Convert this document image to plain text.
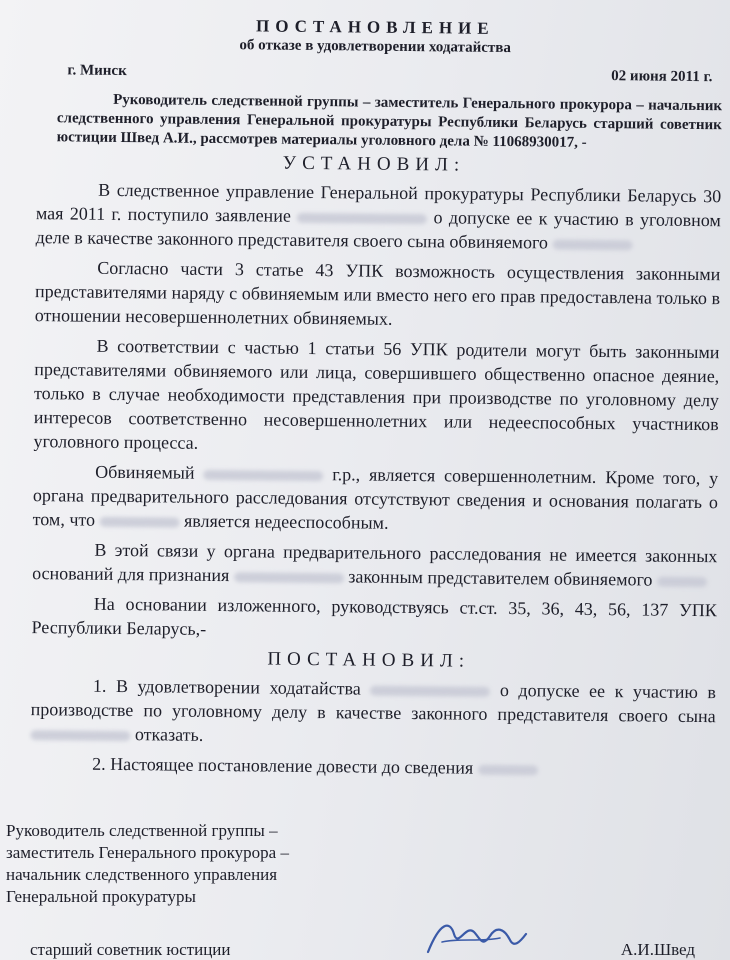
ПОСТАНОВЛЕНИЕ

об отказе в удовлетворении ходатайства

г. Минск	02 июня 2011 г.

Руководитель следственной группы – заместитель Генерального прокурора – начальник следственного управления Генеральной прокуратуры Республики Беларусь старший советник юстиции Швед А.И., рассмотрев материалы уголовного дела № 11068930017, -

УСТАНОВИЛ:

В следственное управление Генеральной прокуратуры Республики Беларусь 30 мая 2011 г. поступило заявление	о допуске ее к участию в уголовном деле в качестве законного представителя своего сына обвиняемого

Согласно части 3 статье 43 УПК возможность осуществления законными представителями наряду с обвиняемым или вместо него его прав предоставлена только в отношении несовершеннолетних обвиняемых.

В соответствии с частью 1 статьи 56 УПК родители могут быть законными представителями обвиняемого или лица, совершившего общественно опасное деяние, только в случае необходимости представления при производстве по уголовному делу интересов соответственно несовершеннолетних или недееспособных участников уголовного процесса.

Обвиняемый	г.р., является совершеннолетним. Кроме того, у органа предварительного расследования отсутствуют сведения и основания полагать о том, что	является недееспособным.

В этой связи у органа предварительного расследования не имеется законных оснований для признания	законным представителем обвиняемого

На основании изложенного, руководствуясь ст.ст. 35, 36, 43, 56, 137 УПК Республики Беларусь,-

ПОСТАНОВИЛ:

1. В удовлетворении ходатайства	о допуске ее к участию в производстве по уголовному делу в качестве законного представителя своего сына  отказать.

2. Настоящее постановление довести до сведения

Руководитель следственной группы –
заместитель Генерального прокурора –
начальник следственного управления
Генеральной прокуратуры
старший советник юстиции	А.И.Швед
